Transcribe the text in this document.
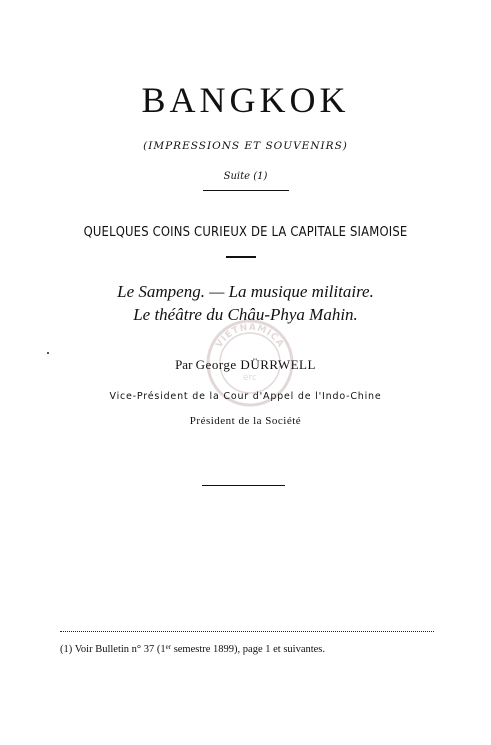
BANGKOK
(IMPRESSIONS ET SOUVENIRS)
Suite (1)
QUELQUES COINS CURIEUX DE LA CAPITALE SIAMOISE
Le Sampeng. — La musique militaire.
Le théâtre du Châu-Phya Mahin.
Par George DÜRRWELL
Vice-Président de la Cour d'Appel de l'Indo-Chine
Président de la Société
VIETNAMICA
erc
(1) Voir Bulletin n° 37 (1er semestre 1899), page 1 et suivantes.
